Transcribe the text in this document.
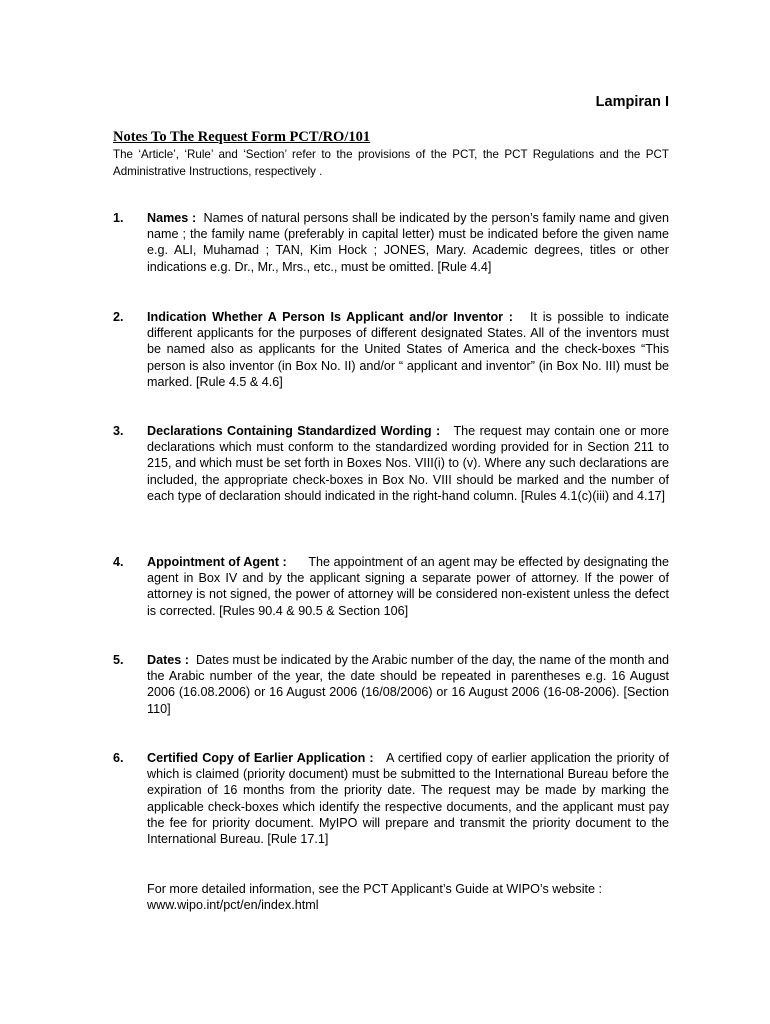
Lampiran I
Notes To The Request Form PCT/RO/101
The ‘Article’, ‘Rule’ and ‘Section’ refer to the provisions of the PCT, the PCT Regulations and the PCT Administrative Instructions, respectively .
1. Names : Names of natural persons shall be indicated by the person’s family name and given name ; the family name (preferably in capital letter) must be indicated before the given name e.g. ALI, Muhamad ; TAN, Kim Hock ; JONES, Mary. Academic degrees, titles or other indications e.g. Dr., Mr., Mrs., etc., must be omitted. [Rule 4.4]
2. Indication Whether A Person Is Applicant and/or Inventor : It is possible to indicate different applicants for the purposes of different designated States. All of the inventors must be named also as applicants for the United States of America and the check-boxes “This person is also inventor (in Box No. II) and/or “ applicant and inventor” (in Box No. III) must be marked. [Rule 4.5 & 4.6]
3. Declarations Containing Standardized Wording : The request may contain one or more declarations which must conform to the standardized wording provided for in Section 211 to 215, and which must be set forth in Boxes Nos. VIII(i) to (v). Where any such declarations are included, the appropriate check-boxes in Box No. VIII should be marked and the number of each type of declaration should indicated in the right-hand column. [Rules 4.1(c)(iii) and 4.17]
4. Appointment of Agent : The appointment of an agent may be effected by designating the agent in Box IV and by the applicant signing a separate power of attorney. If the power of attorney is not signed, the power of attorney will be considered non-existent unless the defect is corrected. [Rules 90.4 & 90.5 & Section 106]
5. Dates : Dates must be indicated by the Arabic number of the day, the name of the month and the Arabic number of the year, the date should be repeated in parentheses e.g. 16 August 2006 (16.08.2006) or 16 August 2006 (16/08/2006) or 16 August 2006 (16-08-2006). [Section 110]
6. Certified Copy of Earlier Application : A certified copy of earlier application the priority of which is claimed (priority document) must be submitted to the International Bureau before the expiration of 16 months from the priority date. The request may be made by marking the applicable check-boxes which identify the respective documents, and the applicant must pay the fee for priority document. MyIPO will prepare and transmit the priority document to the International Bureau. [Rule 17.1]
For more detailed information, see the PCT Applicant’s Guide at WIPO’s website : www.wipo.int/pct/en/index.html
